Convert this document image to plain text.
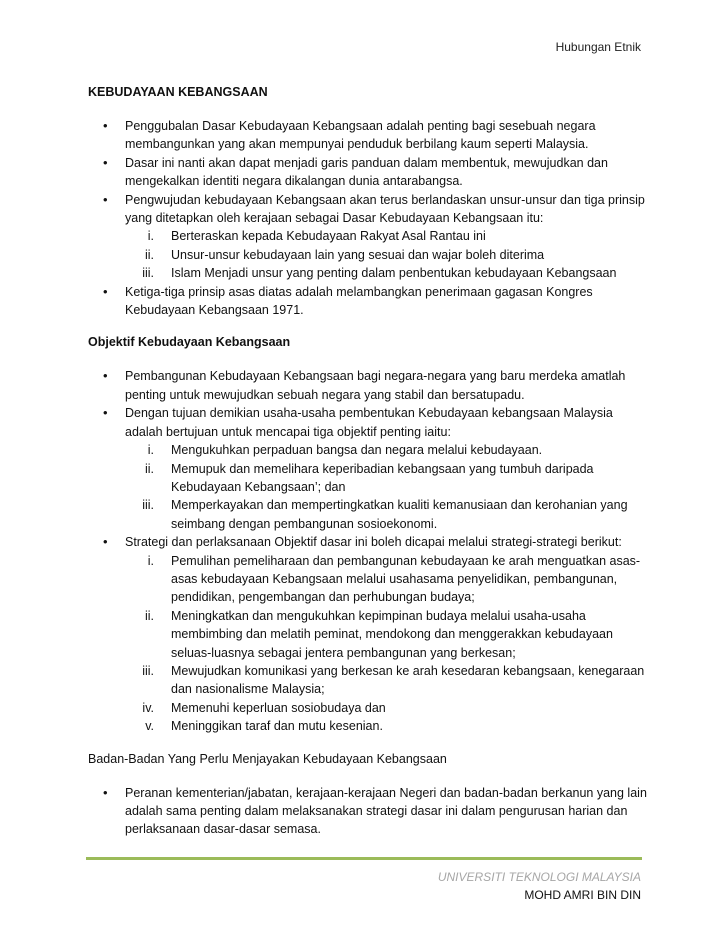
Hubungan Etnik
KEBUDAYAAN KEBANGSAAN
• Penggubalan Dasar Kebudayaan Kebangsaan adalah penting bagi sesebuah negara membangunkan yang akan mempunyai penduduk berbilang kaum seperti Malaysia.
• Dasar ini nanti akan dapat menjadi garis panduan dalam membentuk, mewujudkan dan mengekalkan identiti negara dikalangan dunia antarabangsa.
• Pengwujudan kebudayaan Kebangsaan akan terus berlandaskan unsur-unsur dan tiga prinsip yang ditetapkan oleh kerajaan sebagai Dasar Kebudayaan Kebangsaan itu:
i. Berteraskan kepada Kebudayaan Rakyat Asal Rantau ini
ii. Unsur-unsur kebudayaan lain yang sesuai dan wajar boleh diterima
iii. Islam Menjadi unsur yang penting dalam penbentukan kebudayaan Kebangsaan
• Ketiga-tiga prinsip asas diatas adalah melambangkan penerimaan gagasan Kongres Kebudayaan Kebangsaan 1971.
Objektif Kebudayaan Kebangsaan
• Pembangunan Kebudayaan Kebangsaan bagi negara-negara yang baru merdeka amatlah penting untuk mewujudkan sebuah negara yang stabil dan bersatupadu.
• Dengan tujuan demikian usaha-usaha pembentukan Kebudayaan kebangsaan Malaysia adalah bertujuan untuk mencapai tiga objektif penting iaitu:
i. Mengukuhkan perpaduan bangsa dan negara melalui kebudayaan.
ii. Memupuk dan memelihara keperibadian kebangsaan yang tumbuh daripada Kebudayaan Kebangsaan’; dan
iii. Memperkayakan dan mempertingkatkan kualiti kemanusiaan dan kerohanian yang seimbang dengan pembangunan sosioekonomi.
• Strategi dan perlaksanaan Objektif dasar ini boleh dicapai melalui strategi-strategi berikut:
i. Pemulihan pemeliharaan dan pembangunan kebudayaan ke arah menguatkan asas-asas kebudayaan Kebangsaan melalui usahasama penyelidikan, pembangunan, pendidikan, pengembangan dan perhubungan budaya;
ii. Meningkatkan dan mengukuhkan kepimpinan budaya melalui usaha-usaha membimbing dan melatih peminat, mendokong dan menggerakkan kebudayaan seluas-luasnya sebagai jentera pembangunan yang berkesan;
iii. Mewujudkan komunikasi yang berkesan ke arah kesedaran kebangsaan, kenegaraan dan nasionalisme Malaysia;
iv. Memenuhi keperluan sosiobudaya dan
v. Meninggikan taraf dan mutu kesenian.
Badan-Badan Yang Perlu Menjayakan Kebudayaan Kebangsaan
• Peranan kementerian/jabatan, kerajaan-kerajaan Negeri dan badan-badan berkanun yang lain adalah sama penting dalam melaksanakan strategi dasar ini dalam pengurusan harian dan perlaksanaan dasar-dasar semasa.
UNIVERSITI TEKNOLOGI MALAYSIA
MOHD AMRI BIN DIN
